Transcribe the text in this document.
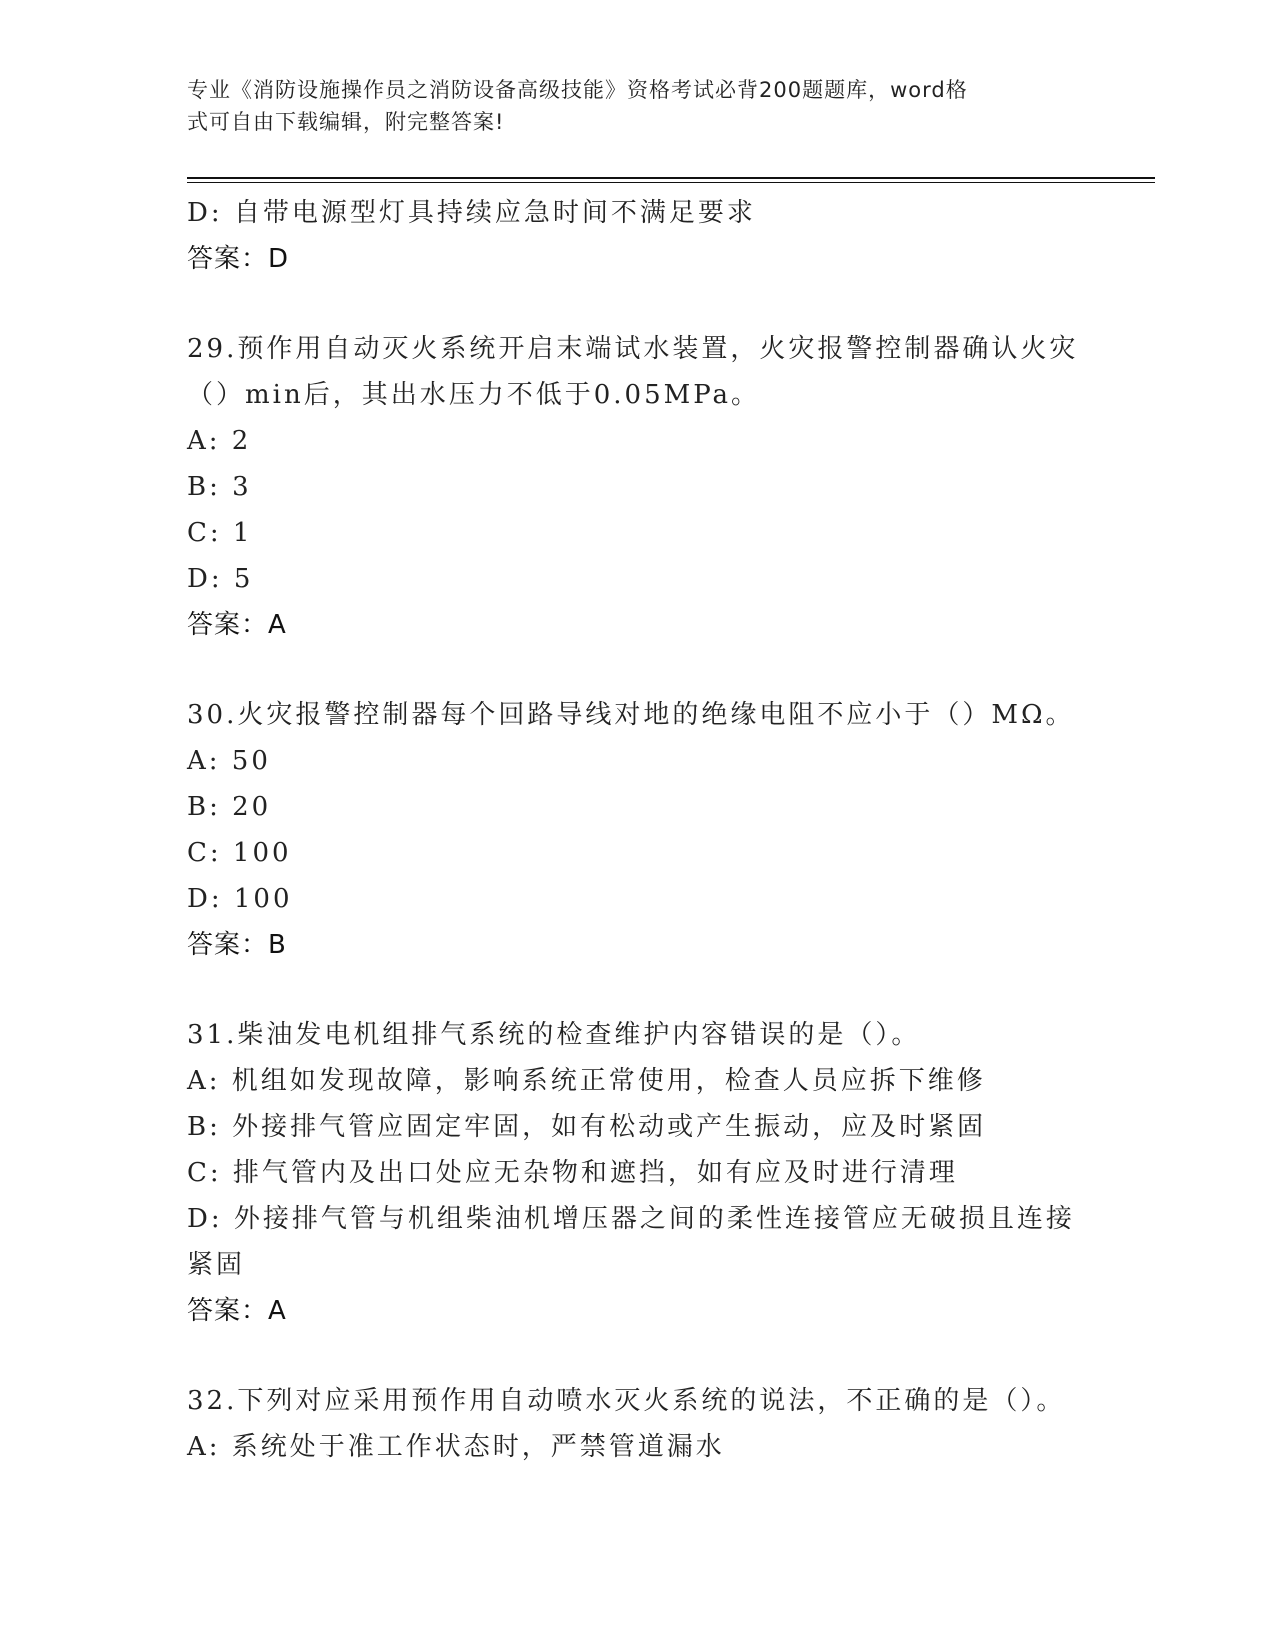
专业《消防设施操作员之消防设备高级技能》资格考试必背200题题库，word格
式可自由下载编辑，附完整答案!
D: 自带电源型灯具持续应急时间不满足要求
答案：D
29.预作用自动灭火系统开启末端试水装置，火灾报警控制器确认火灾
（）min后，其出水压力不低于0.05MPa。
A: 2
B: 3
C: 1
D: 5
答案：A
30.火灾报警控制器每个回路导线对地的绝缘电阻不应小于（）MΩ。
A: 50
B: 20
C: 100
D: 100
答案：B
31.柴油发电机组排气系统的检查维护内容错误的是（）。
A: 机组如发现故障，影响系统正常使用，检查人员应拆下维修
B: 外接排气管应固定牢固，如有松动或产生振动，应及时紧固
C: 排气管内及出口处应无杂物和遮挡，如有应及时进行清理
D: 外接排气管与机组柴油机增压器之间的柔性连接管应无破损且连接
紧固
答案：A
32.下列对应采用预作用自动喷水灭火系统的说法，不正确的是（）。
A: 系统处于准工作状态时，严禁管道漏水
